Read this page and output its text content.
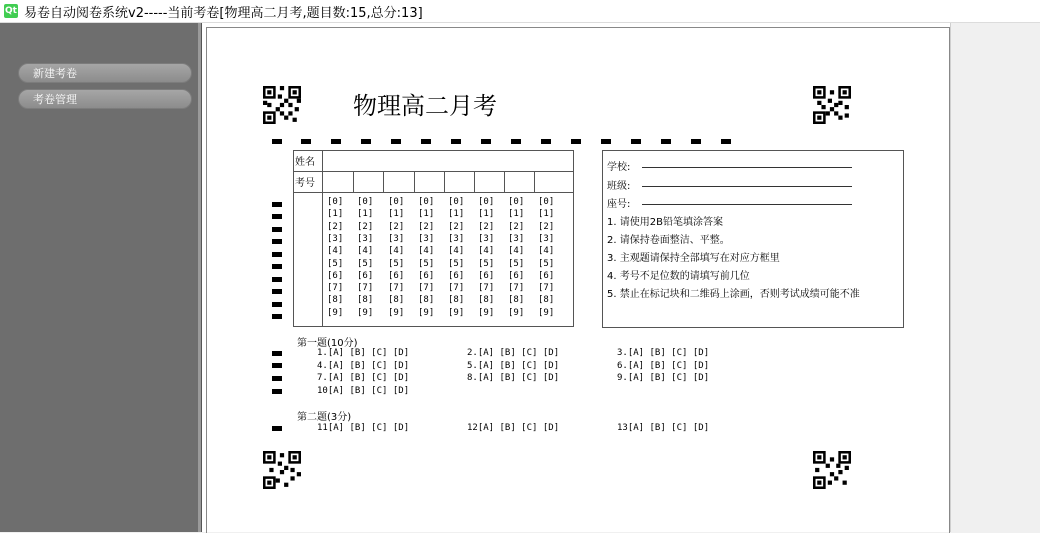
Qt 易卷自动阅卷系统v2-----当前考卷[物理高二月考,题目数:15,总分:13]
新建考卷
考卷管理	物理高二月考
姓名
考号
[0] [0] [0] [0] [0] [0] [0] [0]
[1] [1] [1] [1] [1] [1] [1] [1]
[2] [2] [2] [2] [2] [2] [2] [2]
[3] [3] [3] [3] [3] [3] [3] [3]
[4] [4] [4] [4] [4] [4] [4] [4]
[5] [5] [5] [5] [5] [5] [5] [5]
[6] [6] [6] [6] [6] [6] [6] [6]
[7] [7] [7] [7] [7] [7] [7] [7]
[8] [8] [8] [8] [8] [8] [8] [8]
[9] [9] [9] [9] [9] [9] [9] [9]
学校:
班级:
座号:
1. 请使用2B铅笔填涂答案
2. 请保持卷面整洁、平整。
3. 主观题请保持全部填写在对应方框里
4. 考号不足位数的请填写前几位
5. 禁止在标记块和二维码上涂画，否则考试成绩可能不准
第一题(10分)
1.[A] [B] [C] [D]	2.[A] [B] [C] [D]	3.[A] [B] [C] [D]
4.[A] [B] [C] [D]	5.[A] [B] [C] [D]	6.[A] [B] [C] [D]
7.[A] [B] [C] [D]	8.[A] [B] [C] [D]	9.[A] [B] [C] [D]
10[A] [B] [C] [D]
第二题(3分)
11[A] [B] [C] [D]	12[A] [B] [C] [D]	13[A] [B] [C] [D]
